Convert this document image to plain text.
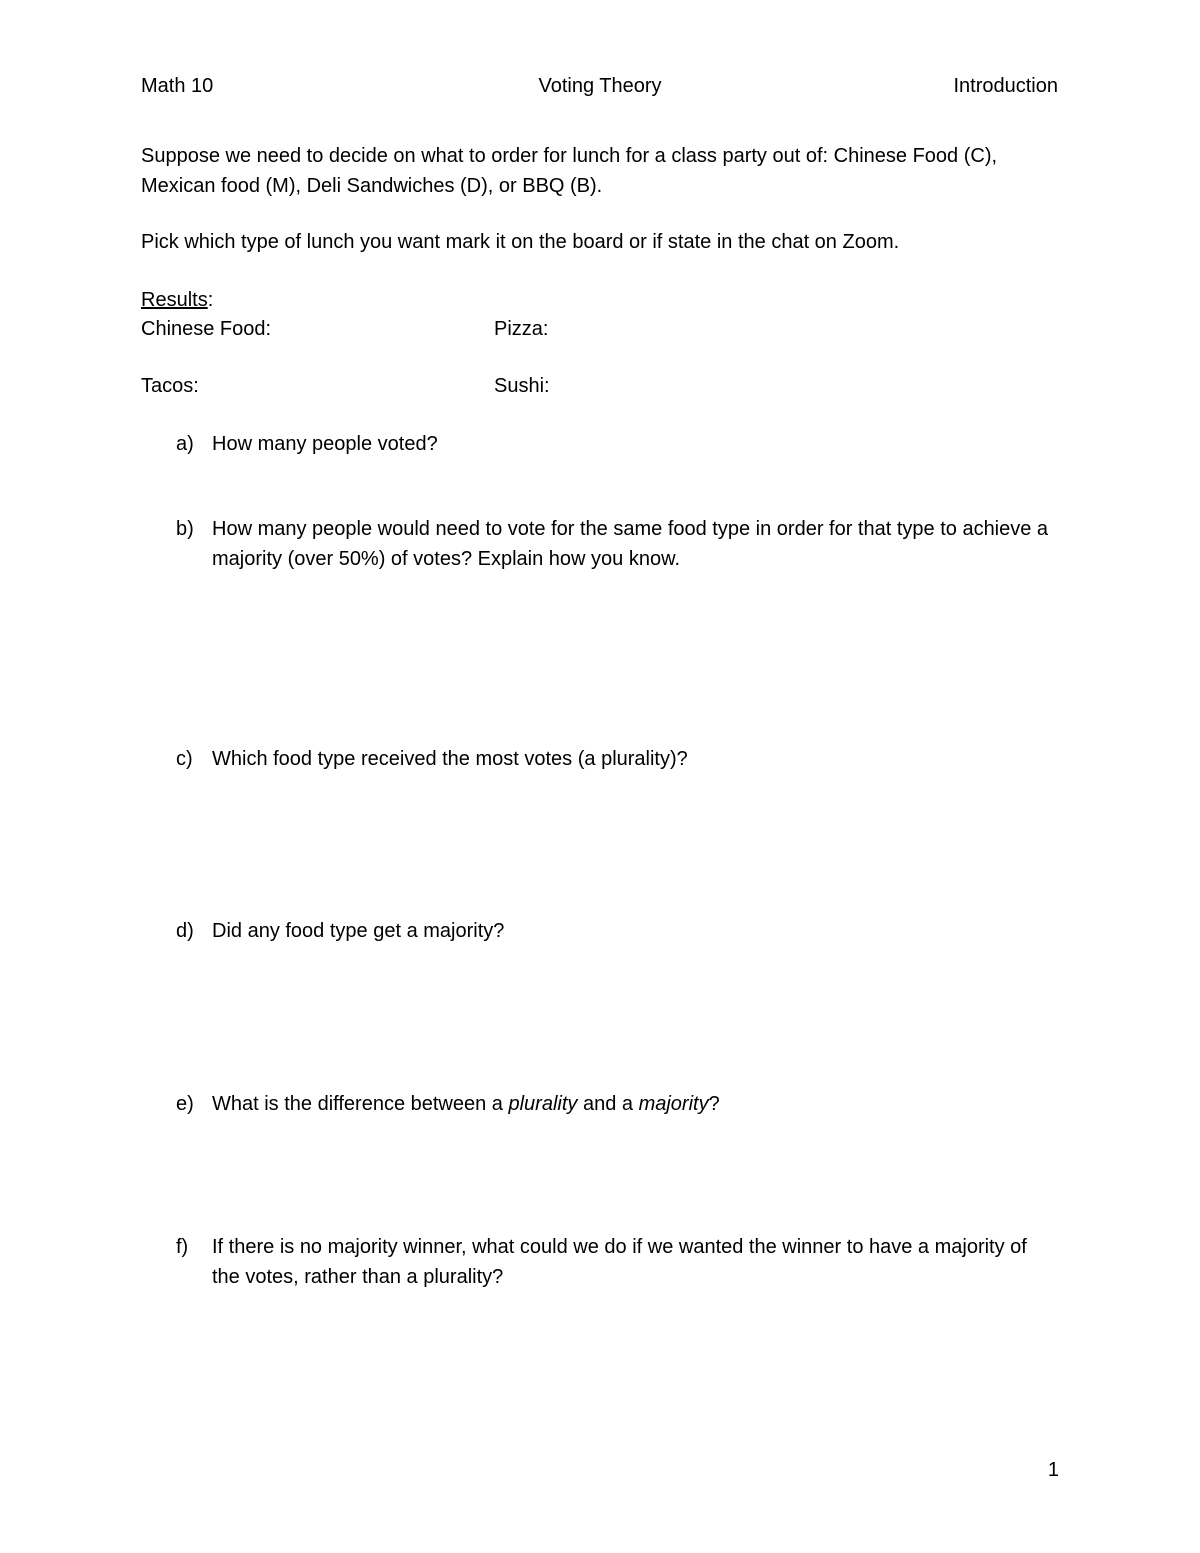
Math 10	Voting Theory	Introduction

Suppose we need to decide on what to order for lunch for a class party out of: Chinese Food (C), Mexican food (M), Deli Sandwiches (D), or BBQ (B).

Pick which type of lunch you want mark it on the board or if state in the chat on Zoom.

Results:
Chinese Food:	Pizza:
Tacos:	Sushi:
a) How many people voted?
b) How many people would need to vote for the same food type in order for that type to achieve a majority (over 50%) of votes? Explain how you know.
c) Which food type received the most votes (a plurality)?
d) Did any food type get a majority?
e) What is the difference between a plurality and a majority?
f)	If there is no majority winner, what could we do if we wanted the winner to have a majority of the votes, rather than a plurality?
1
